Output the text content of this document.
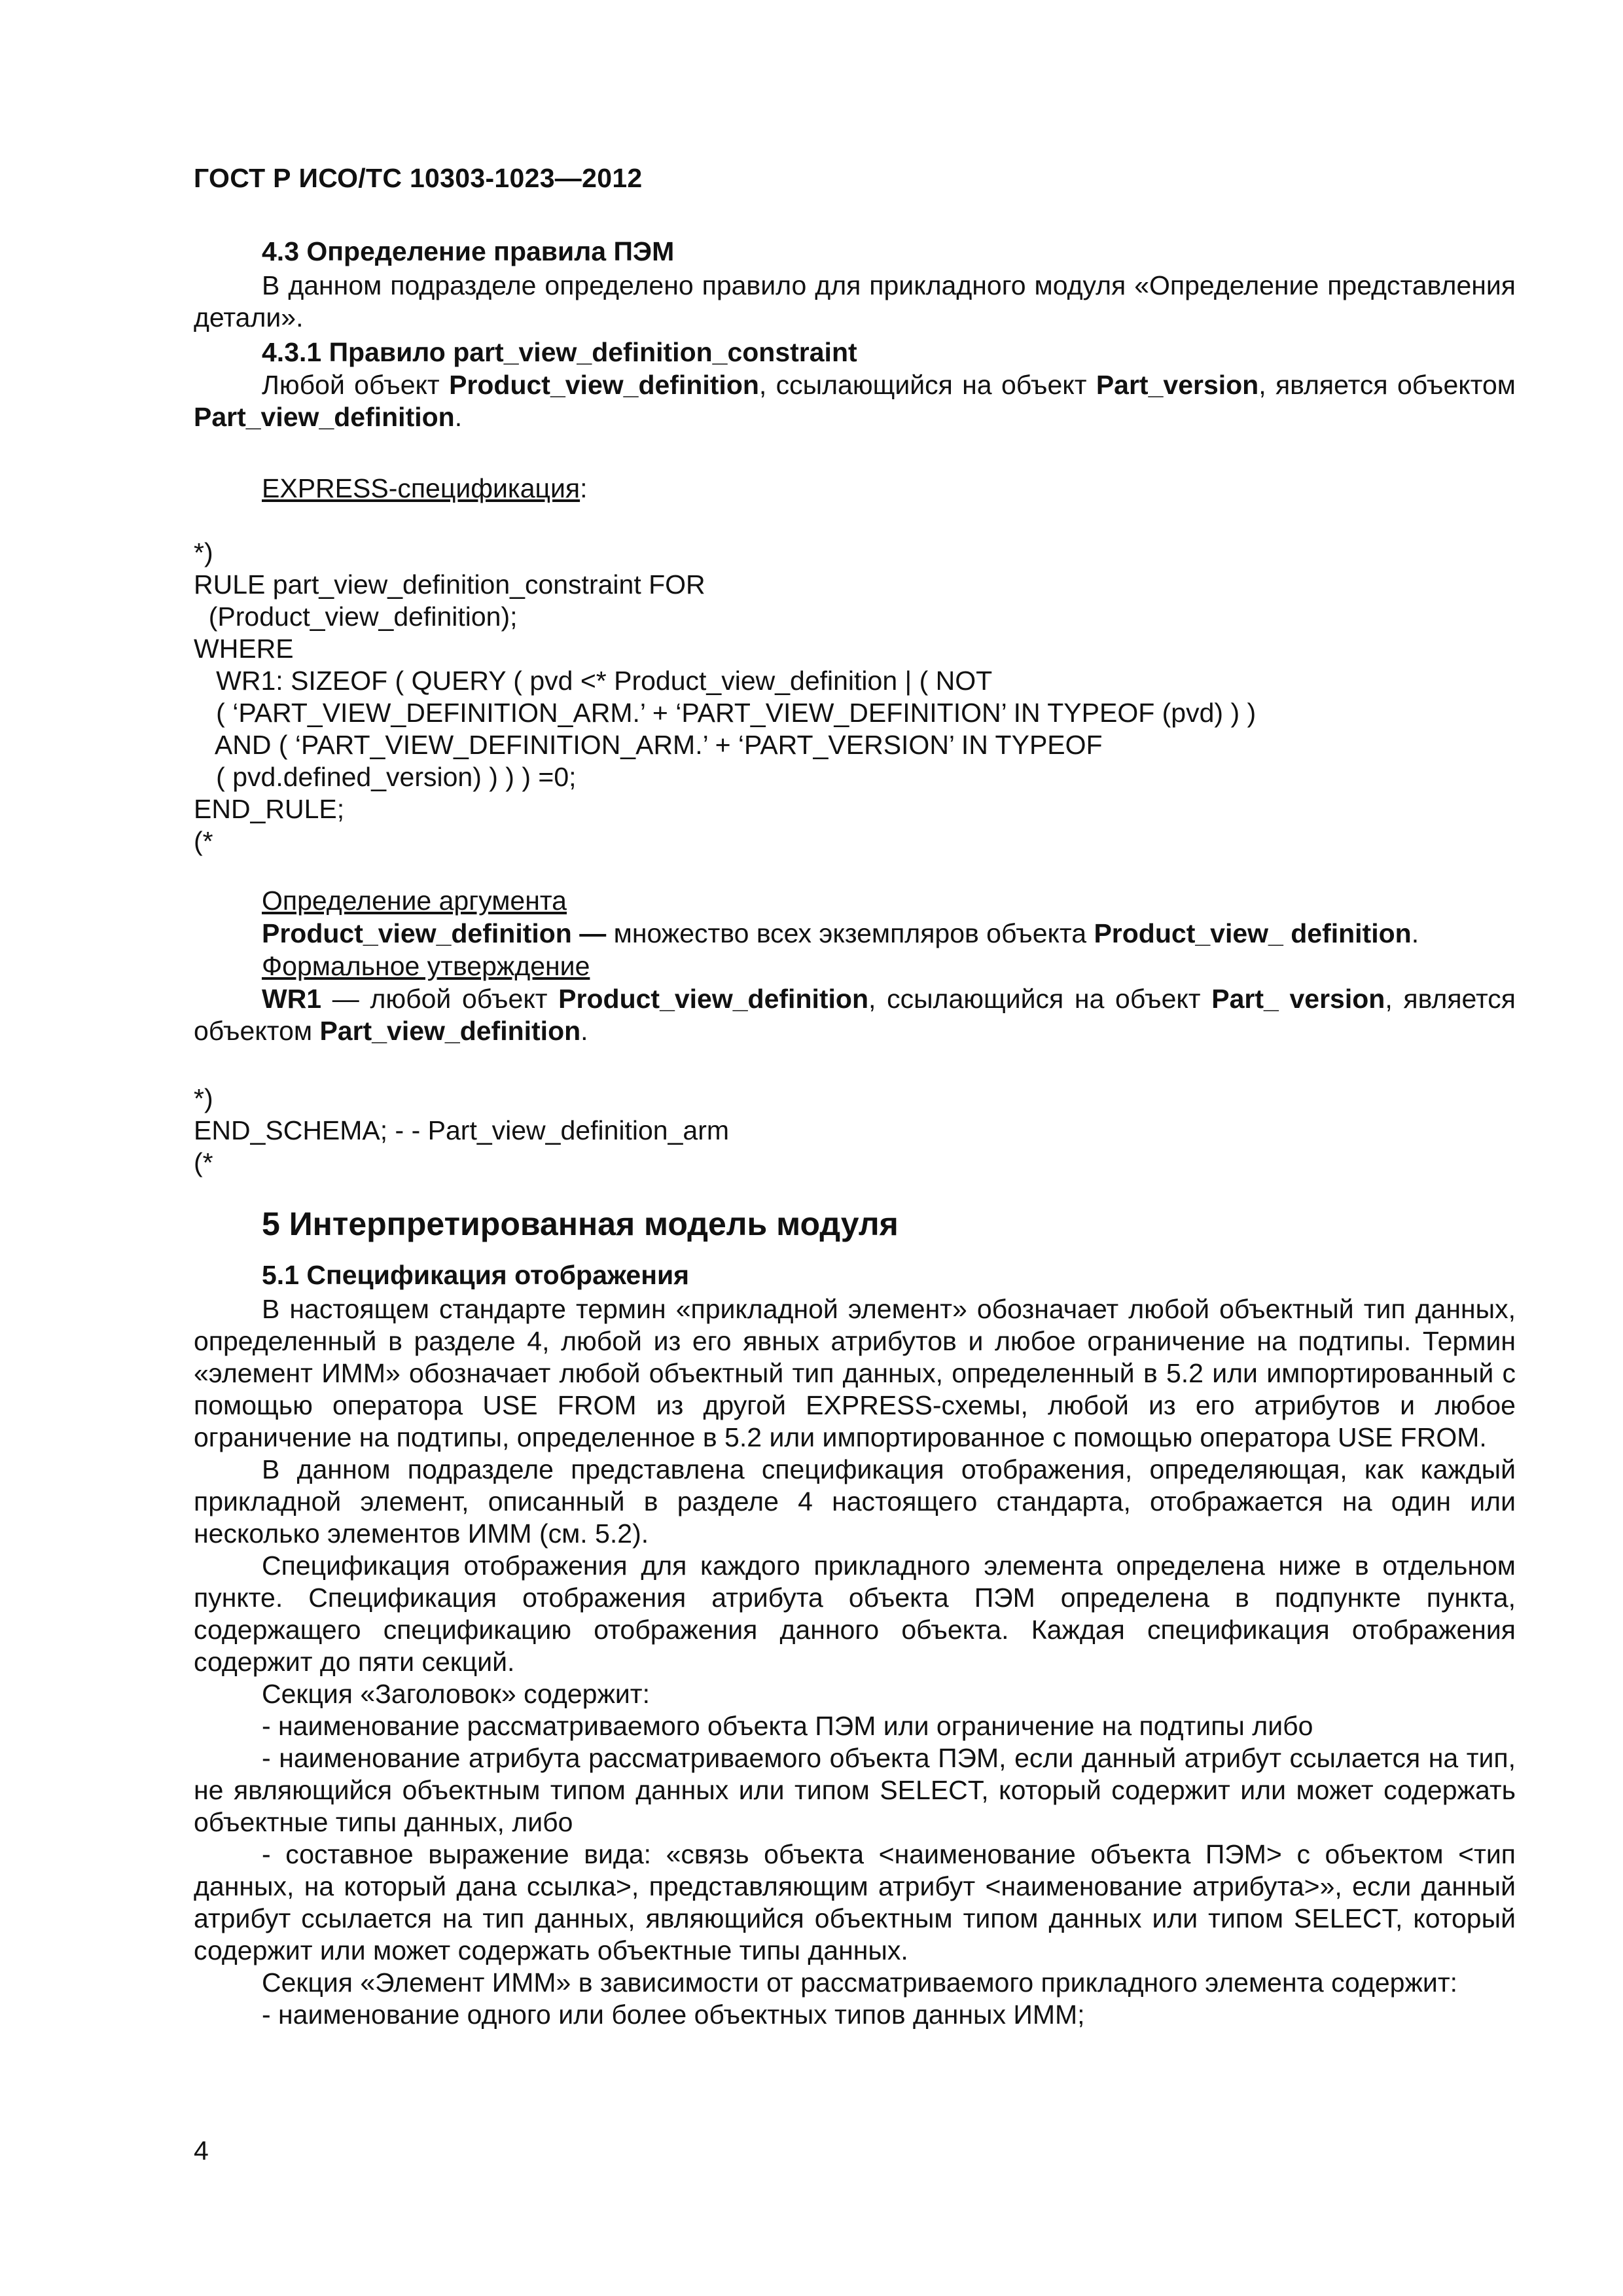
ГОСТ Р ИСО/ТС 10303-1023—2012
4.3 Определение правила ПЭМ
В данном подразделе определено правило для прикладного модуля «Определение представления детали».
4.3.1 Правило part_view_definition_constraint
Любой объект Product_view_definition, ссылающийся на объект Part_version, является объектом Part_view_definition.
EXPRESS-спецификация:
*)
RULE part_view_definition_constraint FOR
(Product_view_definition);
WHERE
WR1: SIZEOF ( QUERY ( pvd <* Product_view_definition | ( NOT
( ‘PART_VIEW_DEFINITION_ARM.’ + ‘PART_VIEW_DEFINITION’ IN TYPEOF (pvd) ) )
AND ( ‘PART_VIEW_DEFINITION_ARM.’ + ‘PART_VERSION’ IN TYPEOF
( pvd.defined_version) ) ) ) =0;
END_RULE;
(*
Определение аргумента
Product_view_definition — множество всех экземпляров объекта Product_view_ definition.
Формальное утверждение
WR1 — любой объект Product_view_definition, ссылающийся на объект Part_ version, является объектом Part_view_definition.
*)
END_SCHEMA; - - Part_view_definition_arm
(*
5 Интерпретированная модель модуля
5.1 Спецификация отображения
В настоящем стандарте термин «прикладной элемент» обозначает любой объектный тип данных, определенный в разделе 4, любой из его явных атрибутов и любое ограничение на подтипы. Термин «элемент ИММ» обозначает любой объектный тип данных, определенный в 5.2 или импортированный с помощью оператора USE FROM из другой EXPRESS-схемы, любой из его атрибутов и любое ограничение на подтипы, определенное в 5.2 или импортированное с помощью оператора USE FROM.
В данном подразделе представлена спецификация отображения, определяющая, как каждый прикладной элемент, описанный в разделе 4 настоящего стандарта, отображается на один или несколько элементов ИММ (см. 5.2).
Спецификация отображения для каждого прикладного элемента определена ниже в отдельном пункте. Спецификация отображения атрибута объекта ПЭМ определена в подпункте пункта, содержащего спецификацию отображения данного объекта. Каждая спецификация отображения содержит до пяти секций.
Секция «Заголовок» содержит:
- наименование рассматриваемого объекта ПЭМ или ограничение на подтипы либо
- наименование атрибута рассматриваемого объекта ПЭМ, если данный атрибут ссылается на тип, не являющийся объектным типом данных или типом SELECT, который содержит или может содержать объектные типы данных, либо
- составное выражение вида: «связь объекта <наименование объекта ПЭМ> с объектом <тип данных, на который дана ссылка>, представляющим атрибут <наименование атрибута>», если данный атрибут ссылается на тип данных, являющийся объектным типом данных или типом SELECT, который содержит или может содержать объектные типы данных.
Секция «Элемент ИММ» в зависимости от рассматриваемого прикладного элемента содержит:
- наименование одного или более объектных типов данных ИММ;
4
